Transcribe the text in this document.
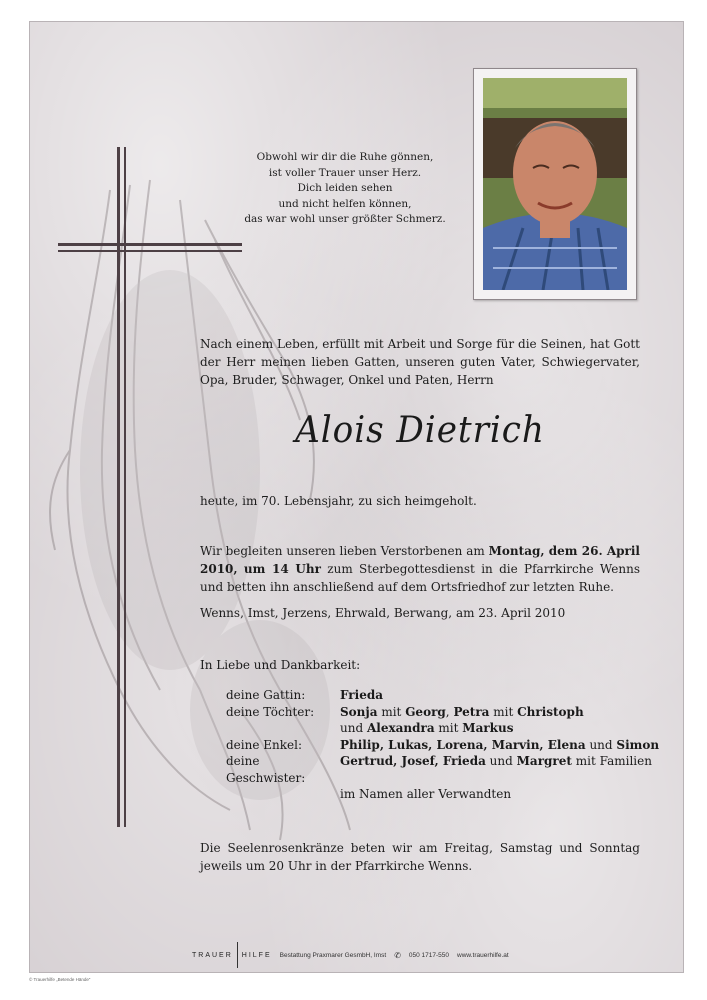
Obwohl wir dir die Ruhe gönnen,
ist voller Trauer unser Herz.
Dich leiden sehen
und nicht helfen können,
das war wohl unser größter Schmerz.
Nach einem Leben, erfüllt mit Arbeit und Sorge für die Seinen, hat Gott der Herr meinen lieben Gatten, unseren guten Vater, Schwiegervater, Opa, Bruder, Schwager, Onkel und Paten, Herrn
Alois Dietrich
heute, im 70. Lebensjahr, zu sich heimgeholt.
Wir begleiten unseren lieben Verstorbenen am Montag, dem 26. April 2010, um 14 Uhr zum Sterbegottesdienst in die Pfarrkirche Wenns und betten ihn anschließend auf dem Ortsfriedhof zur letzten Ruhe.
Wenns, Imst, Jerzens, Ehrwald, Berwang, am 23. April 2010
In Liebe und Dankbarkeit:
deine Gattin:	Frieda
deine Töchter:	Sonja mit Georg, Petra mit Christoph
und Alexandra mit Markus
deine Enkel:	Philip, Lukas, Lorena, Marvin, Elena und Simon
deine Geschwister:
Gertrud, Josef, Frieda und Margret mit Familien
im Namen aller Verwandten
Die Seelenrosenkränze beten wir am Freitag, Samstag und Sonntag jeweils um 20 Uhr in der Pfarrkirche Wenns.
TRAUER HILFE Bestattung Praxmarer GesmbH, Imst ✆ 050 1717-550 www.trauerhilfe.at
© Trauerhilfe „Betende Hände“
